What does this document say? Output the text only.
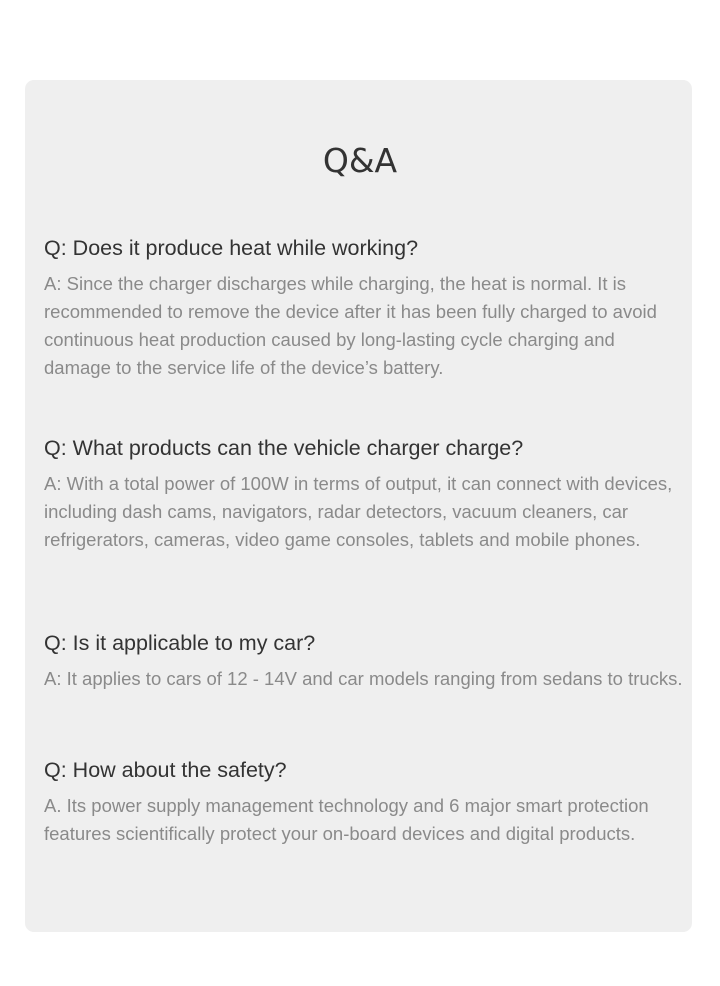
Q&A

Q: Does it produce heat while working?

A: Since the charger discharges while charging, the heat is normal. It is recommended to remove the device after it has been fully charged to avoid continuous heat production caused by long-lasting cycle charging and damage to the service life of the device’s battery.

Q: What products can the vehicle charger charge?

A: With a total power of 100W in terms of output, it can connect with devices, including dash cams, navigators, radar detectors, vacuum cleaners, car refrigerators, cameras, video game consoles, tablets and mobile phones.

Q: Is it applicable to my car?

A: It applies to cars of 12 - 14V and car models ranging from sedans to trucks.

Q: How about the safety?

A. Its power supply management technology and 6 major smart protection features scientifically protect your on-board devices and digital products.
